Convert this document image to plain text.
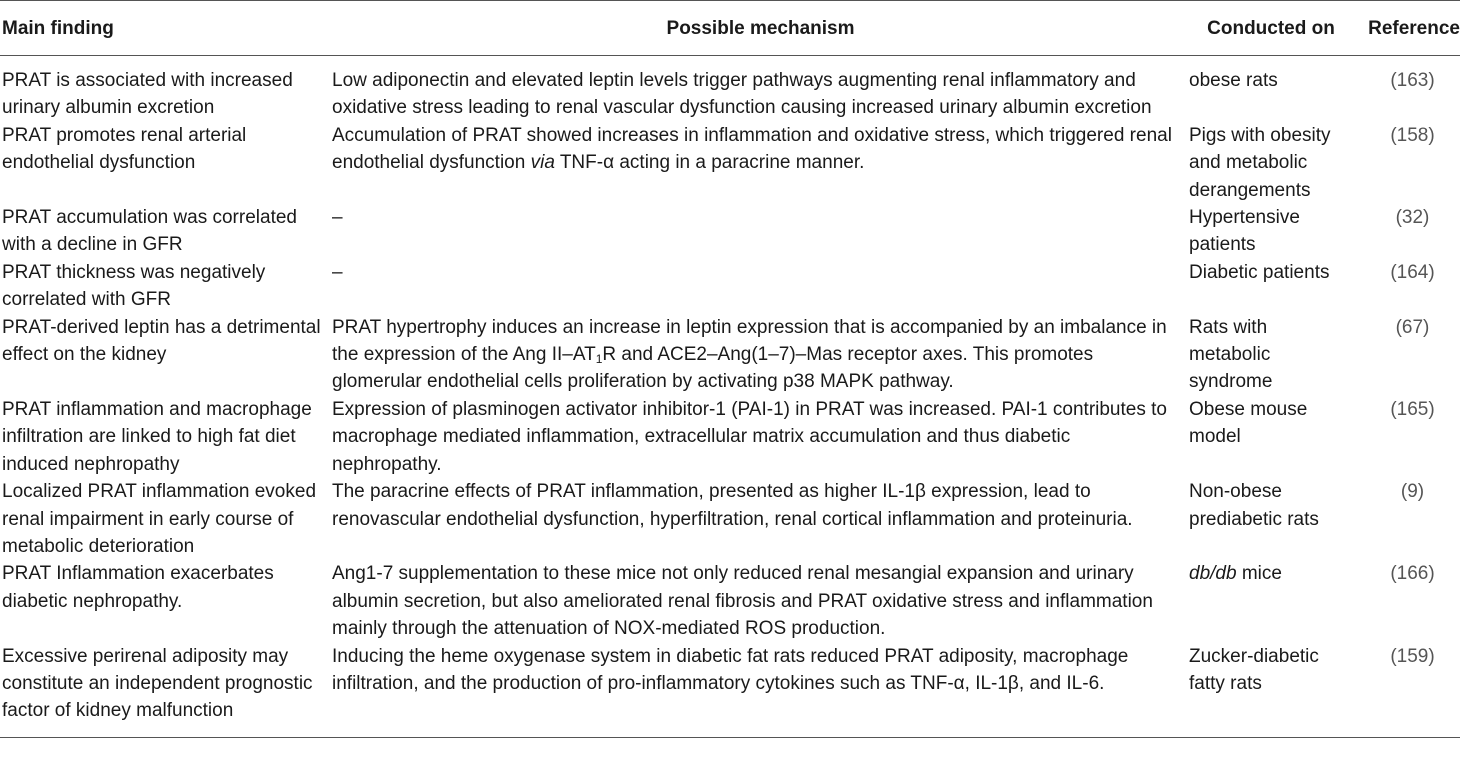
Main finding	Possible mechanism	Conducted on	Reference
PRAT is associated with increased urinary albumin excretion	Low adiponectin and elevated leptin levels trigger pathways augmenting renal inflammatory and oxidative stress leading to renal vascular dysfunction causing increased urinary albumin excretion	obese rats	(163)
PRAT promotes renal arterial endothelial dysfunction	Accumulation of PRAT showed increases in inflammation and oxidative stress, which triggered renal endothelial dysfunction via TNF-α acting in a paracrine manner.	Pigs with obesity and metabolic derangements	(158)
PRAT accumulation was correlated with a decline in GFR	–	Hypertensive patients	(32)
PRAT thickness was negatively correlated with GFR	–	Diabetic patients	(164)
PRAT-derived leptin has a detrimental effect on the kidney	PRAT hypertrophy induces an increase in leptin expression that is accompanied by an imbalance in the expression of the Ang $II-AT_1R$ and ACE2–Ang(1–7)–Mas receptor axes. This promotes glomerular endothelial cells proliferation by activating p38 MAPK pathway.	Rats with metabolic syndrome	(67)
PRAT inflammation and macrophage infiltration are linked to high fat diet induced nephropathy	Expression of plasminogen activator inhibitor-1 (PAI-1) in PRAT was increased. PAI-1 contributes to macrophage mediated inflammation, extracellular matrix accumulation and thus diabetic nephropathy.	Obese mouse model	(165)
Localized PRAT inflammation evoked renal impairment in early course of metabolic deterioration	The paracrine effects of PRAT inflammation, presented as higher IL-1β expression, lead to renovascular endothelial dysfunction, hyperfiltration, renal cortical inflammation and proteinuria.	Non-obese prediabetic rats	(9)
PRAT Inflammation exacerbates diabetic nephropathy.	Ang1-7 supplementation to these mice not only reduced renal mesangial expansion and urinary albumin secretion, but also ameliorated renal fibrosis and PRAT oxidative stress and inflammation mainly through the attenuation of NOX-mediated ROS production.	db/db mice	(166)
Excessive perirenal adiposity may constitute an independent prognostic factor of kidney malfunction	Inducing the heme oxygenase system in diabetic fat rats reduced PRAT adiposity, macrophage infiltration, and the production of pro-inflammatory cytokines such as TNF-α, IL-1β, and IL-6.	Zucker-diabetic fatty rats	(159)
